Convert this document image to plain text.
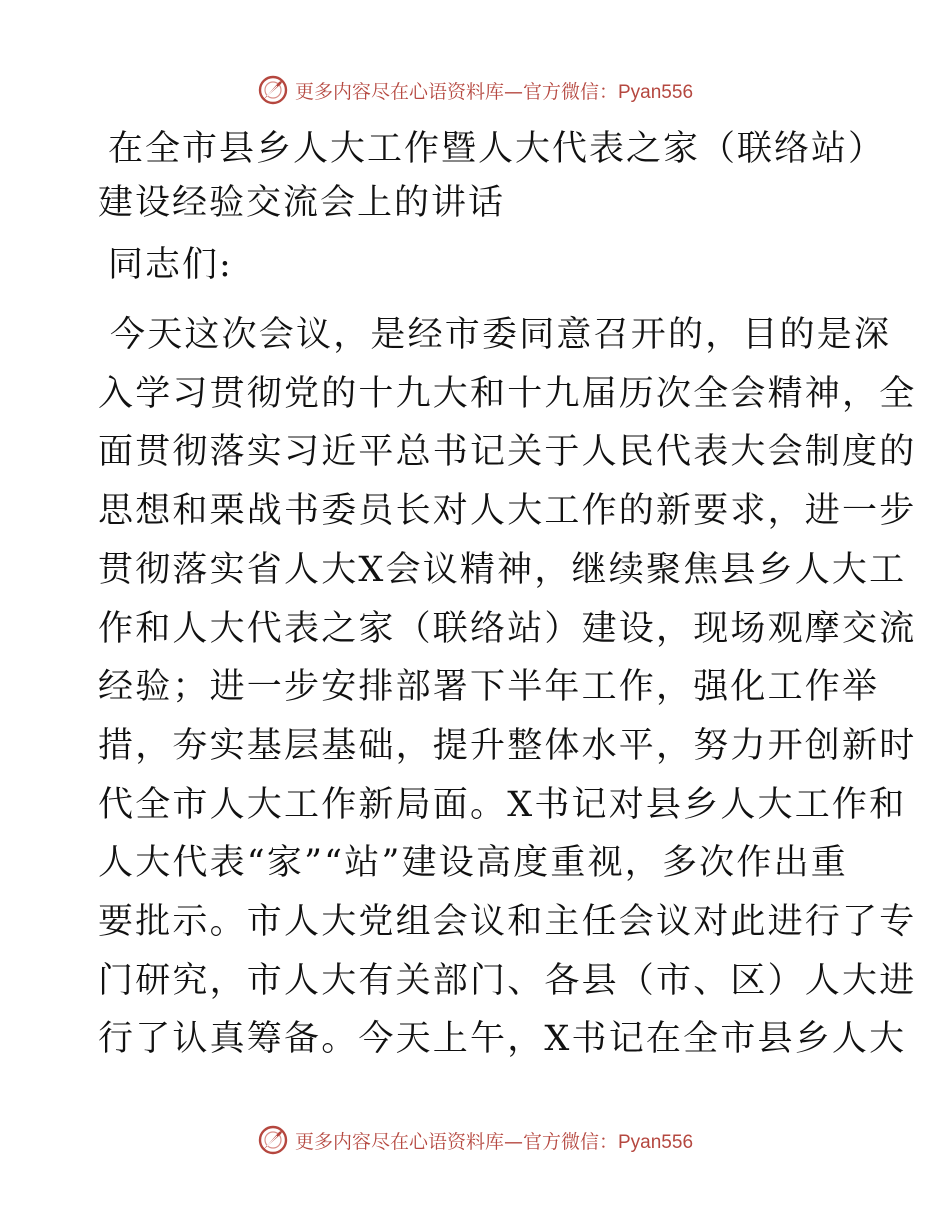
更多内容尽在心语资料库—官方微信：Pyan556
在全市县乡人大工作暨人大代表之家（联络站）
建设经验交流会上的讲话

同志们:

今天这次会议，是经市委同意召开的，目的是深
入学习贯彻党的十九大和十九届历次全会精神，全
面贯彻落实习近平总书记关于人民代表大会制度的
思想和栗战书委员长对人大工作的新要求，进一步
贯彻落实省人大X会议精神，继续聚焦县乡人大工
作和人大代表之家（联络站）建设，现场观摩交流
经验；进一步安排部署下半年工作，强化工作举
措，夯实基层基础，提升整体水平，努力开创新时
代全市人大工作新局面。X书记对县乡人大工作和
人大代表“家”“站”建设高度重视，多次作出重
要批示。市人大党组会议和主任会议对此进行了专
门研究，市人大有关部门、各县（市、区）人大进
行了认真筹备。今天上午，X书记在全市县乡人大

更多内容尽在心语资料库—官方微信：Pyan556
